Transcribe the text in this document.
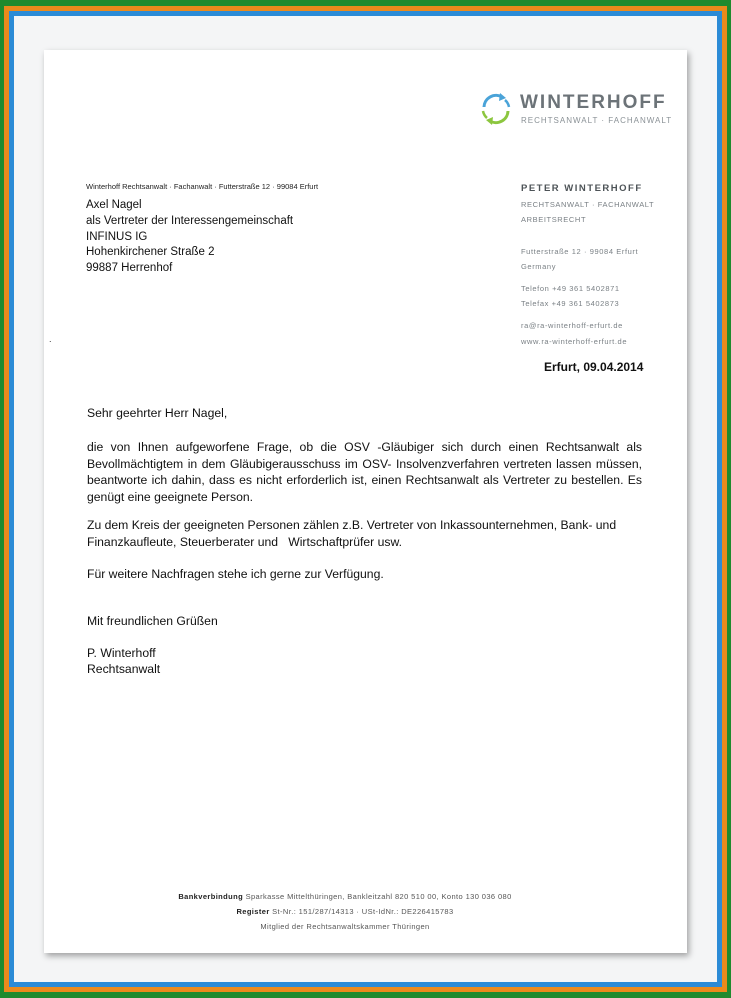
WINTERHOFF
RECHTSANWALT · FACHANWALT
Winterhoff Rechtsanwalt · Fachanwalt · Futterstraße 12 · 99084 Erfurt
Axel Nagel
als Vertreter der Interessengemeinschaft
INFINUS IG
Hohenkirchener Straße 2
99887 Herrenhof
PETER WINTERHOFF
RECHTSANWALT · FACHANWALT
ARBEITSRECHT
Futterstraße 12 · 99084 Erfurt
Germany
Telefon +49 361 5402871
Telefax +49 361 5402873
ra@ra-winterhoff-erfurt.de
www.ra-winterhoff-erfurt.de
.
Erfurt, 09.04.2014
Sehr geehrter Herr Nagel,
die von Ihnen aufgeworfene Frage, ob die OSV -Gläubiger sich durch einen Rechtsanwalt als Bevollmächtigtem in dem Gläubigerausschuss im OSV- Insolvenzverfahren vertreten lassen müssen, beantworte ich dahin, dass es nicht erforderlich ist, einen Rechtsanwalt als Vertreter zu bestellen. Es genügt eine geeignete Person.
Zu dem Kreis der geeigneten Personen zählen z.B. Vertreter von Inkassounternehmen, Bank- und
Finanzkaufleute, Steuerberater und   Wirtschaftprüfer usw.
Für weitere Nachfragen stehe ich gerne zur Verfügung.
Mit freundlichen Grüßen
P. Winterhoff
Rechtsanwalt
Bankverbindung Sparkasse Mittelthüringen, Bankleitzahl 820 510 00, Konto 130 036 080
Register St-Nr.: 151/287/14313 · USt-IdNr.: DE226415783
Mitglied der Rechtsanwaltskammer Thüringen
